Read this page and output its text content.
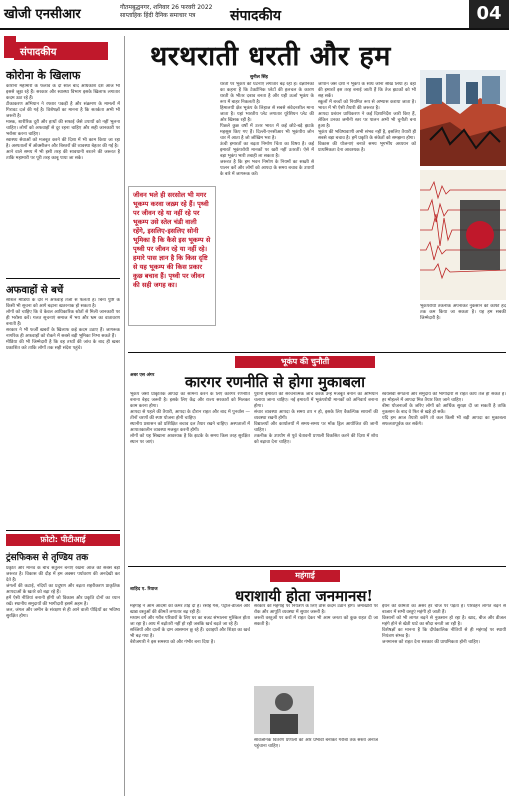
खोजी एनसीआर	गौतमबुद्धनगर, शनिवार 26 फरवरी 2022
साप्ताहिक हिंदी दैनिक समाचार पत्र	संपादकीय	04
संपादकीय
कोरोना के खिलाफ
कोरोना महामारी के फैलाव के दो साल बाद अधिकांश देश आज भी इससे जूझ रहे हैं। सरकार और स्वास्थ्य विभाग इसके खिलाफ लगातार कदम उठा रहे हैं।
टीकाकरण अभियान ने रफ्तार पकड़ी है और संक्रमण के मामलों में गिरावट दर्ज की गई है। विशेषज्ञों का मानना है कि सतर्कता अभी भी जरूरी है।
मास्क, शारीरिक दूरी और हाथों की सफाई जैसे उपायों को नहीं भूलना चाहिए। लोगों को अफवाहों से दूर रहना चाहिए और सही जानकारी पर भरोसा करना चाहिए।
स्वास्थ्य सेवाओं को मजबूत करने की दिशा में भी काम किया जा रहा है। अस्पतालों में ऑक्सीजन और बिस्तरों की व्यवस्था बेहतर की गई है।
आने वाले समय में भी इसी तरह की सावधानी बरतने की जरूरत है ताकि महामारी पर पूरी तरह काबू पाया जा सके।
अफवाहों से बचें
सोशल मीडिया के दौर में अफवाहें तेजी से फैलती हैं। बिना पुष्टि के किसी भी सूचना को आगे बढ़ाना खतरनाक हो सकता है।
लोगों को चाहिए कि वे केवल आधिकारिक स्रोतों से मिली जानकारी पर ही भरोसा करें। गलत सूचनाएं समाज में भय और भ्रम का वातावरण बनाती हैं।
सरकार ने भी फर्जी खबरों के खिलाफ कई कदम उठाए हैं। जागरूक नागरिक ही अफवाहों को रोकने में सबसे बड़ी भूमिका निभा सकते हैं।
मीडिया की भी जिम्मेदारी है कि वह तथ्यों की जांच के बाद ही खबर प्रकाशित करे ताकि लोगों तक सही संदेश पहुंचे।
फ़ोटो: पीटीआई
ट्रंसफिकस से तृण्डिय तक
प्रकृति और मानव के बीच संतुलन बनाए रखना आज की सबसे बड़ी जरूरत है। विकास की दौड़ में हम अक्सर पर्यावरण की अनदेखी कर देते हैं।
जंगलों की कटाई, नदियों का प्रदूषण और बढ़ता शहरीकरण प्राकृतिक आपदाओं के खतरे को बढ़ा रहे हैं।
हमें ऐसी नीतियां बनानी होंगी जो विकास और प्रकृति दोनों का ध्यान रखें। स्थानीय समुदायों की भागीदारी इसमें अहम है।
जल, जंगल और जमीन के संरक्षण से ही आने वाली पीढ़ियों का भविष्य सुरक्षित होगा।
थरथराती धरती और हम
सुनील सिंह
जीवन भले ही सरसोल भी मगर भूकम्प करवा जख़्म रहे हैं। पृथ्वी पर जीवन रहे या नहीं रहे पर भूकम्प उसे स्तेल चंडी वाली रहेंगे, इसलिए-इसलिए सोनी भूमिका है कि कैसे इस भूकम्प से पृथ्वी पर जीवन रहे या नहीं रहे। हमारे पास ज्ञान है कि किस दृष्टि से यह भूकम्प की किस प्रकार कुछ बचाव हैं। पृथ्वी पर जीवन की सही जगह का।
धरती पर भूकंप की घटनाएं लगातार बढ़ रही हैं। वैज्ञानिकों का कहना है कि टेक्टोनिक प्लेटों की हलचल के कारण धरती के भीतर दबाव बनता है और यही ऊर्जा भूकंप के रूप में बाहर निकलती है।
हिमालयी क्षेत्र भूकंप के लिहाज से सबसे संवेदनशील माना जाता है। यहां भारतीय प्लेट लगातार यूरेशियन प्लेट की ओर खिसक रही है।
पिछले कुछ वर्षों में उत्तर भारत में कई छोटे-बड़े झटके महसूस किए गए हैं। दिल्ली-एनसीआर भी भूकंपीय जोन चार में आता है जो जोखिम भरा है।
ऊंची इमारतों का बढ़ता निर्माण चिंता का विषय है। कई इमारतें भूकंपरोधी मानकों पर खरी नहीं उतरतीं। ऐसे में बड़ा भूकंप भारी तबाही ला सकता है।
जरूरत है कि हम भवन निर्माण के नियमों का सख्ती से पालन करें और लोगों को आपदा के समय बचाव के उपायों के बारे में जागरूक करें।
जापान जैसे देशों ने भूकंप के साथ जीना सीख लिया है। वहां की इमारतें इस तरह बनाई जाती हैं कि तेज झटकों को भी सह सकें।
स्कूलों में बच्चों को नियमित रूप से अभ्यास कराया जाता है। भारत में भी ऐसी तैयारी की जरूरत है।
आपदा प्रबंधन प्राधिकरण ने कई दिशानिर्देश जारी किए हैं, लेकिन उनका जमीनी स्तर पर पालन अभी भी चुनौती बना हुआ है।
भूकंप की भविष्यवाणी अभी संभव नहीं है, इसलिए तैयारी ही सबसे बड़ा बचाव है। हमें प्रकृति के संकेतों को समझना होगा।
विकास की योजनाएं बनाते समय भूगर्भीय अध्ययन को प्राथमिकता देना आवश्यक है।
भूकंपरोधी तकनीक अपनाकर नुकसान को काफी हद तक कम किया जा सकता है। यह हम सबकी जिम्मेदारी है।
भूकंप की चुनौती
कारगर रणनीति से होगा मुकाबला
अबर एस अंगर
भूकंप जैसी प्राकृतिक आपदा का सामना करने के लिए कारगर रणनीति बनाना बेहद जरूरी है। इसके लिए केंद्र और राज्य सरकारों को मिलकर काम करना होगा।
आपदा से पहले की तैयारी, आपदा के दौरान राहत और बाद में पुनर्वास — तीनों चरणों की स्पष्ट योजना होनी चाहिए।
स्थानीय प्रशासन को प्रशिक्षित बचाव दल तैयार रखने चाहिए। अस्पतालों में आपातकालीन व्यवस्था मजबूत करनी होगी।
लोगों को यह सिखाना आवश्यक है कि झटके के समय किस तरह सुरक्षित स्थान पर जाएं।
पुरानी इमारतों की संरचनात्मक जांच करके उन्हें मजबूत बनाने का अभियान चलाया जाना चाहिए। नई इमारतों में भूकंपरोधी मानकों को अनिवार्य बनाना होगा।
संचार व्यवस्था आपदा के समय ठप न हो, इसके लिए वैकल्पिक साधनों की व्यवस्था रखनी होगी।
विद्यालयों और कार्यालयों में समय-समय पर मॉक ड्रिल आयोजित की जानी चाहिए।
तकनीक के उपयोग से पूर्व चेतावनी प्रणाली विकसित करने की दिशा में शोध को बढ़ावा देना चाहिए।
स्वयंसेवी संगठनों और समुदाय की भागीदारी से राहत कार्य तेज हो सकते हैं। हर मोहल्ले में आपदा मित्र तैयार किए जाने चाहिए।
बीमा योजनाओं के जरिए लोगों को आर्थिक सुरक्षा दी जा सकती है ताकि नुकसान के बाद वे फिर से खड़े हो सकें।
यदि हम आज तैयारी करेंगे तो कल किसी भी बड़ी आपदा का मुकाबला सफलतापूर्वक कर सकेंगे।
महंगाई
धराशायी होता जनमानस!
शाहिद ए. रियाज
महंगाई ने आम आदमी की कमर तोड़ दी है। रसोई गैस, पेट्रोल-डीजल और खाद्य वस्तुओं की कीमतें लगातार बढ़ रही हैं।
मध्यम वर्ग और गरीब परिवारों के लिए घर का बजट संभालना मुश्किल होता जा रहा है। आय में बढ़ोतरी नहीं हो रही जबकि खर्च बढ़ते जा रहे हैं।
सब्जियों और दालों के दाम आसमान छू रहे हैं। दवाइयों और शिक्षा का खर्च भी बढ़ गया है।
बेरोजगारी ने इस समस्या को और गंभीर बना दिया है।
सरकार को महंगाई पर नियंत्रण के लिए ठोस कदम उठाने होंगे। जमाखोरी पर रोक और आपूर्ति व्यवस्था में सुधार जरूरी है।
जरूरी वस्तुओं पर करों में राहत देकर भी आम जनता को कुछ राहत दी जा सकती है।
सार्वजनिक वितरण प्रणाली को और प्रभावी बनाकर गरीबों तक सस्ता अनाज पहुंचाना चाहिए।
ईंधन की कीमतों का असर हर चीज पर पड़ता है। परिवहन लागत बढ़ने से बाजार में सभी वस्तुएं महंगी हो जाती हैं।
किसानों को भी लागत बढ़ने से नुकसान हो रहा है। खाद, बीज और डीजल महंगे होने से खेती घाटे का सौदा बनती जा रही है।
विशेषज्ञों का मानना है कि दीर्घकालिक नीतियों से ही महंगाई पर स्थायी नियंत्रण संभव है।
जनमानस को राहत देना सरकार की प्राथमिकता होनी चाहिए।
